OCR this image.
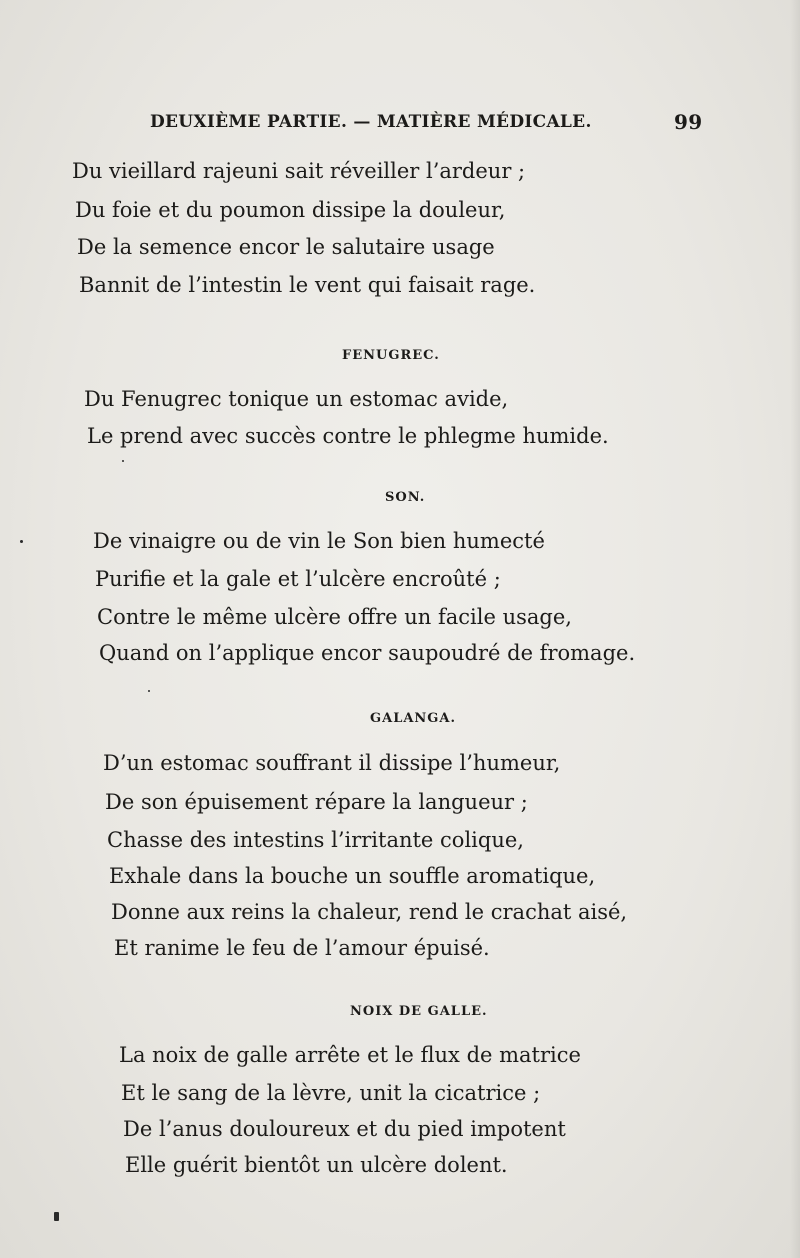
DEUXIÈME PARTIE. — MATIÈRE MÉDICALE.	99
Du vieillard rajeuni sait réveiller l’ardeur ;
Du foie et du poumon dissipe la douleur,
De la semence encor le salutaire usage
Bannit de l’intestin le vent qui faisait rage.
FENUGREC.
Du Fenugrec tonique un estomac avide,
Le prend avec succès contre le phlegme humide.
SON.
De vinaigre ou de vin le Son bien humecté
Purifie et la gale et l’ulcère encroûté ;
Contre le même ulcère offre un facile usage,
Quand on l’applique encor saupoudré de fromage.
GALANGA.
D’un estomac souffrant il dissipe l’humeur,
De son épuisement répare la langueur ;
Chasse des intestins l’irritante colique,
Exhale dans la bouche un souffle aromatique,
Donne aux reins la chaleur, rend le crachat aisé,
Et ranime le feu de l’amour épuisé.
NOIX DE GALLE.
La noix de galle arrête et le flux de matrice
Et le sang de la lèvre, unit la cicatrice ;
De l’anus douloureux et du pied impotent
Elle guérit bientôt un ulcère dolent.
